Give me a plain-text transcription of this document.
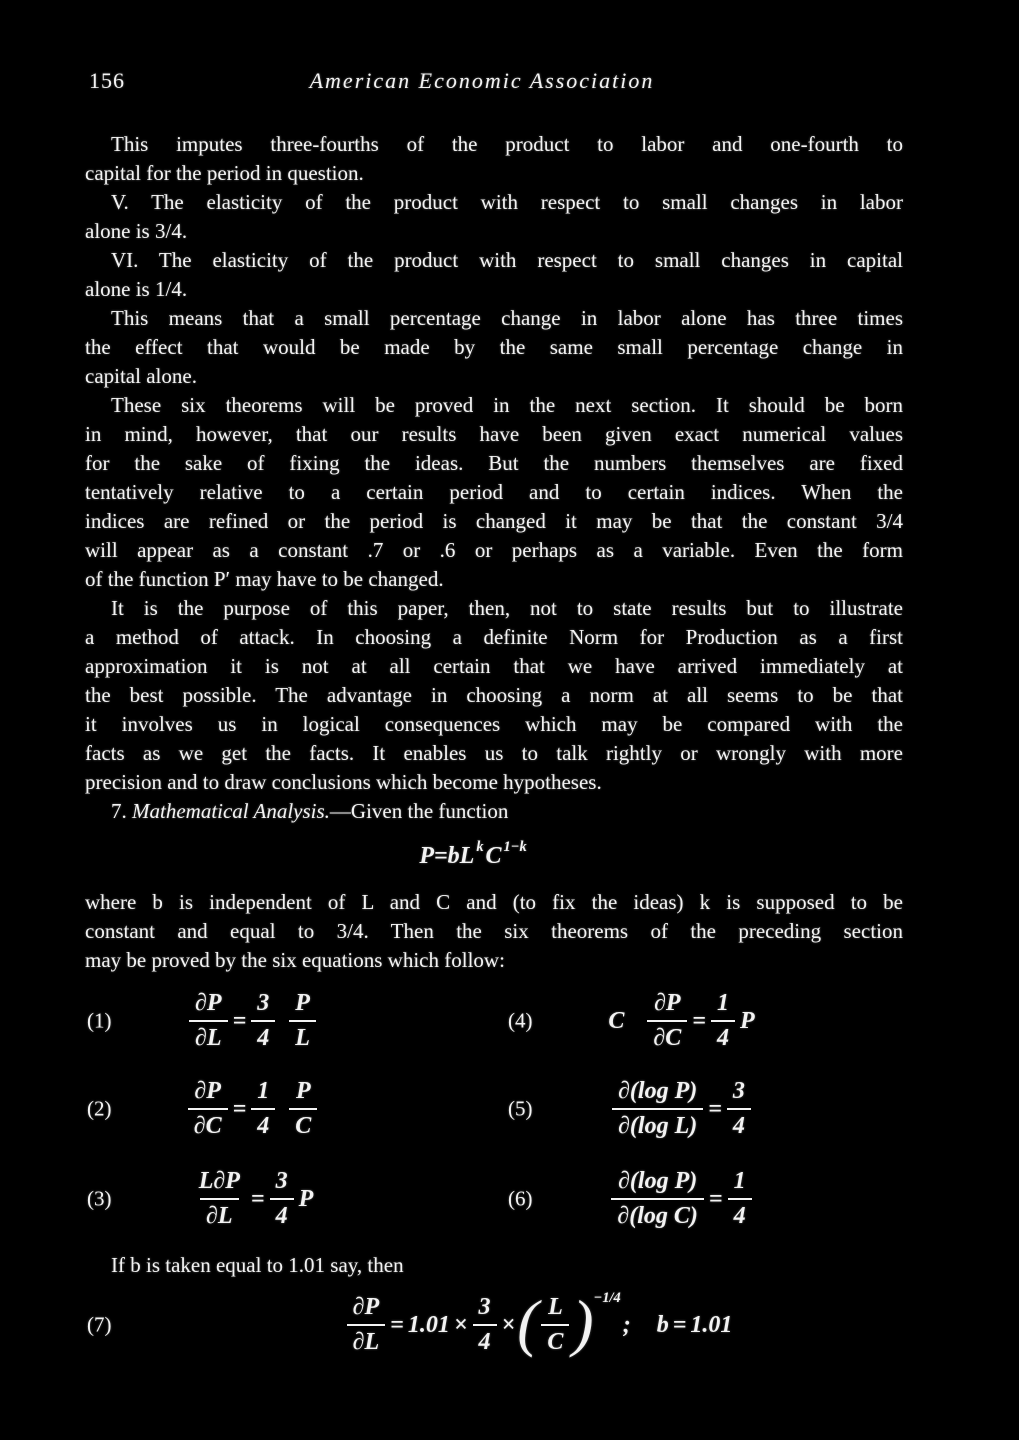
156	American Economic Association
This imputes three-fourths of the product to labor and one-fourth to
capital for the period in question.
V. The elasticity of the product with respect to small changes in labor
alone is 3/4.
VI. The elasticity of the product with respect to small changes in capital
alone is 1/4.
This means that a small percentage change in labor alone has three times
the effect that would be made by the same small percentage change in
capital alone.
These six theorems will be proved in the next section. It should be born
in mind, however, that our results have been given exact numerical values
for the sake of fixing the ideas. But the numbers themselves are fixed
tentatively relative to a certain period and to certain indices. When the
indices are refined or the period is changed it may be that the constant 3/4
will appear as a constant .7 or .6 or perhaps as a variable. Even the form
of the function P′ may have to be changed.
It is the purpose of this paper, then, not to state results but to illustrate
a method of attack. In choosing a definite Norm for Production as a first
approximation it is not at all certain that we have arrived immediately at
the best possible. The advantage in choosing a norm at all seems to be that
it involves us in logical consequences which may be compared with the
facts as we get the facts. It enables us to talk rightly or wrongly with more
precision and to draw conclusions which become hypotheses.
7. Mathematical Analysis.—Given the function
P=bL k C 1−k
where b is independent of L and C and (to fix the ideas) k is supposed to be
constant and equal to 3/4. Then the six theorems of the preceding section
may be proved by the six equations which follow:
(1)	$\frac{\partial P}{\partial L} = \frac{3}{4} \frac{P}{L}$	(4)	C $\frac{\partial P}{\partial C} = \frac{1}{4}$ P
(2)	$\frac{\partial P}{\partial C} = \frac{1}{4} \frac{P}{C}$	(5)	$\frac{\text{∂(log P)}}{\text{∂(log L)}} = \frac{3}{4}$
(3)	$\frac{L\partial P}{\partial L} = \frac{3}{4}$ P	(6)	$\frac{\text{∂(log P)}}{\text{∂(log C)}} = \frac{1}{4}$
If b is taken equal to 1.01 say, then
(7)	$\frac{\partial P}{\partial L} = 1.01 \times \frac{3}{4}$ × ( $\frac{L}{C}$ ) −1/4
; b = 1.01
